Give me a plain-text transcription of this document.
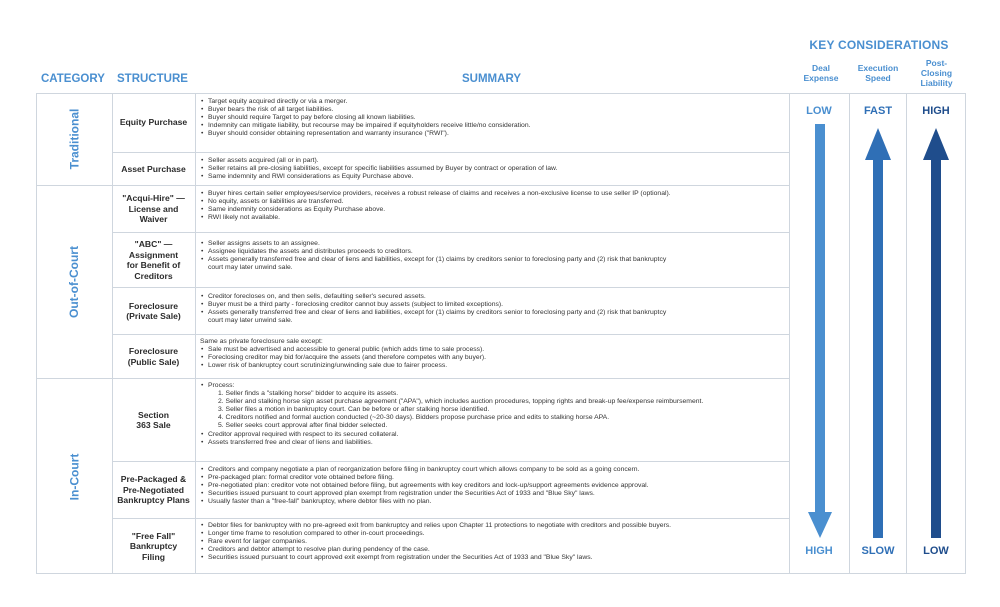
KEY CONSIDERATIONS
CATEGORY STRUCTURE	SUMMARY
Deal
Expense
Execution
Speed
Post-
Closing
Liability
Traditional
Out-of-Court
In-Court
Equity Purchase
Asset Purchase
"Acqui-Hire" —
License and
Waiver
"ABC" —
Assignment
for Benefit of
Creditors
Foreclosure
(Private Sale)
Foreclosure
(Public Sale)
Section
363 Sale
Pre-Packaged &
Pre-Negotiated
Bankruptcy Plans
"Free Fall"
Bankruptcy
Filing
• Target equity acquired directly or via a merger.
• Buyer bears the risk of all target liabilities.
• Buyer should require Target to pay before closing all known liabilities.
• Indemnity can mitigate liability, but recourse may be impaired if equityholders receive little/no consideration.
• Buyer should consider obtaining representation and warranty insurance ("RWI").
• Seller assets acquired (all or in part).
• Seller retains all pre-closing liabilities, except for specific liabilities assumed by Buyer by contract or operation of law.
• Same indemnity and RWI considerations as Equity Purchase above.
• Buyer hires certain seller employees/service providers, receives a robust release of claims and receives a non-exclusive license to use seller IP (optional).
• No equity, assets or liabilities are transferred.
• Same indemnity considerations as Equity Purchase above.
• RWI likely not available.
• Seller assigns assets to an assignee.
• Assignee liquidates the assets and distributes proceeds to creditors.
• Assets generally transferred free and clear of liens and liabilities, except for (1) claims by creditors senior to foreclosing party and (2) risk that bankruptcy
court may later unwind sale.
• Creditor forecloses on, and then sells, defaulting seller's secured assets.
• Buyer must be a third party - foreclosing creditor cannot buy assets (subject to limited exceptions).
• Assets generally transferred free and clear of liens and liabilities, except for (1) claims by creditors senior to foreclosing party and (2) risk that bankruptcy
court may later unwind sale.
Same as private foreclosure sale except:
• Sale must be advertised and accessible to general public (which adds time to sale process).
• Foreclosing creditor may bid for/acquire the assets (and therefore competes with any buyer).
• Lower risk of bankruptcy court scrutinizing/unwinding sale due to fairer process.
• Process:
1. Seller finds a "stalking horse" bidder to acquire its assets.
2. Seller and stalking horse sign asset purchase agreement ("APA"), which includes auction procedures, topping rights and break-up fee/expense reimbursement.
3. Seller files a motion in bankruptcy court. Can be before or after stalking horse identified.
4. Creditors notified and formal auction conducted (~20-30 days). Bidders propose purchase price and edits to stalking horse APA.
5. Seller seeks court approval after final bidder selected.
• Creditor approval required with respect to its secured collateral.
• Assets transferred free and clear of liens and liabilities.
• Creditors and company negotiate a plan of reorganization before filing in bankruptcy court which allows company to be sold as a going concern.
• Pre-packaged plan: formal creditor vote obtained before filing.
• Pre-negotiated plan: creditor vote not obtained before filing, but agreements with key creditors and lock-up/support agreements evidence approval.
• Securities issued pursuant to court approved plan exempt from registration under the Securities Act of 1933 and "Blue Sky" laws.
• Usually faster than a "free-fall" bankruptcy, where debtor files with no plan.
• Debtor files for bankruptcy with no pre-agreed exit from bankruptcy and relies upon Chapter 11 protections to negotiate with creditors and possible buyers.
• Longer time frame to resolution compared to other in-court proceedings.
• Rare event for larger companies.
• Creditors and debtor attempt to resolve plan during pendency of the case.
• Securities issued pursuant to court approved exit exempt from registration under the Securities Act of 1933 and "Blue Sky" laws.
LOW
HIGH
FAST
SLOW
HIGH
LOW
